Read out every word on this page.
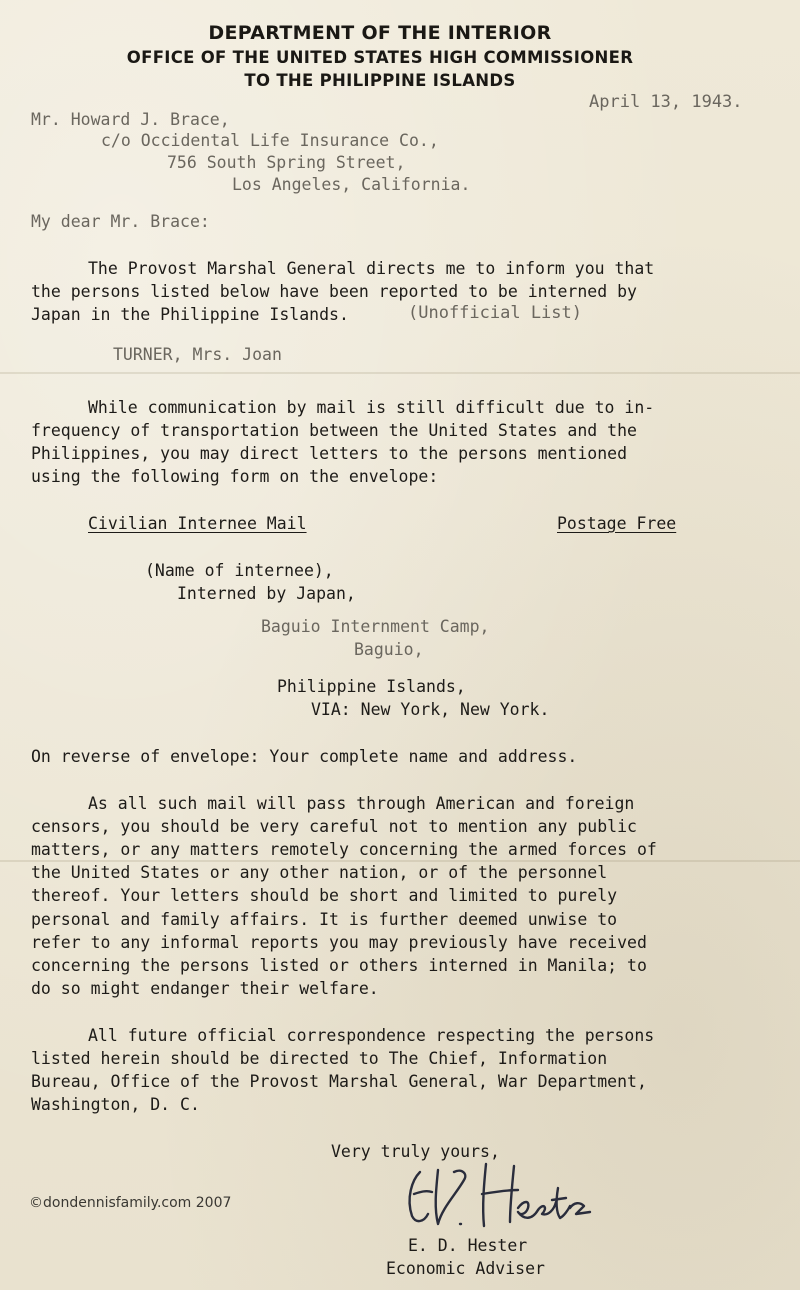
DEPARTMENT OF THE INTERIOR
OFFICE OF THE UNITED STATES HIGH COMMISSIONER
TO THE PHILIPPINE ISLANDS
April 13, 1943.
Mr. Howard J. Brace,
c/o Occidental Life Insurance Co.,
756 South Spring Street,
Los Angeles, California.
My dear Mr. Brace:
The Provost Marshal General directs me to inform you that
the persons listed below have been reported to be interned by
Japan in the Philippine Islands.	(Unofficial List)
TURNER, Mrs. Joan
While communication by mail is still difficult due to in-
frequency of transportation between the United States and the
Philippines, you may direct letters to the persons mentioned
using the following form on the envelope:
Civilian Internee Mail	Postage Free
(Name of internee),
Interned by Japan,
Baguio Internment Camp,
Baguio,
Philippine Islands,
VIA: New York, New York.
On reverse of envelope: Your complete name and address.
As all such mail will pass through American and foreign
censors, you should be very careful not to mention any public
matters, or any matters remotely concerning the armed forces of
the United States or any other nation, or of the personnel
thereof. Your letters should be short and limited to purely
personal and family affairs. It is further deemed unwise to
refer to any informal reports you may previously have received
concerning the persons listed or others interned in Manila; to
do so might endanger their welfare.
All future official correspondence respecting the persons
listed herein should be directed to The Chief, Information
Bureau, Office of the Provost Marshal General, War Department,
Washington, D. C.
Very truly yours,
E. D. Hester
Economic Adviser
©dondennisfamily.com 2007
